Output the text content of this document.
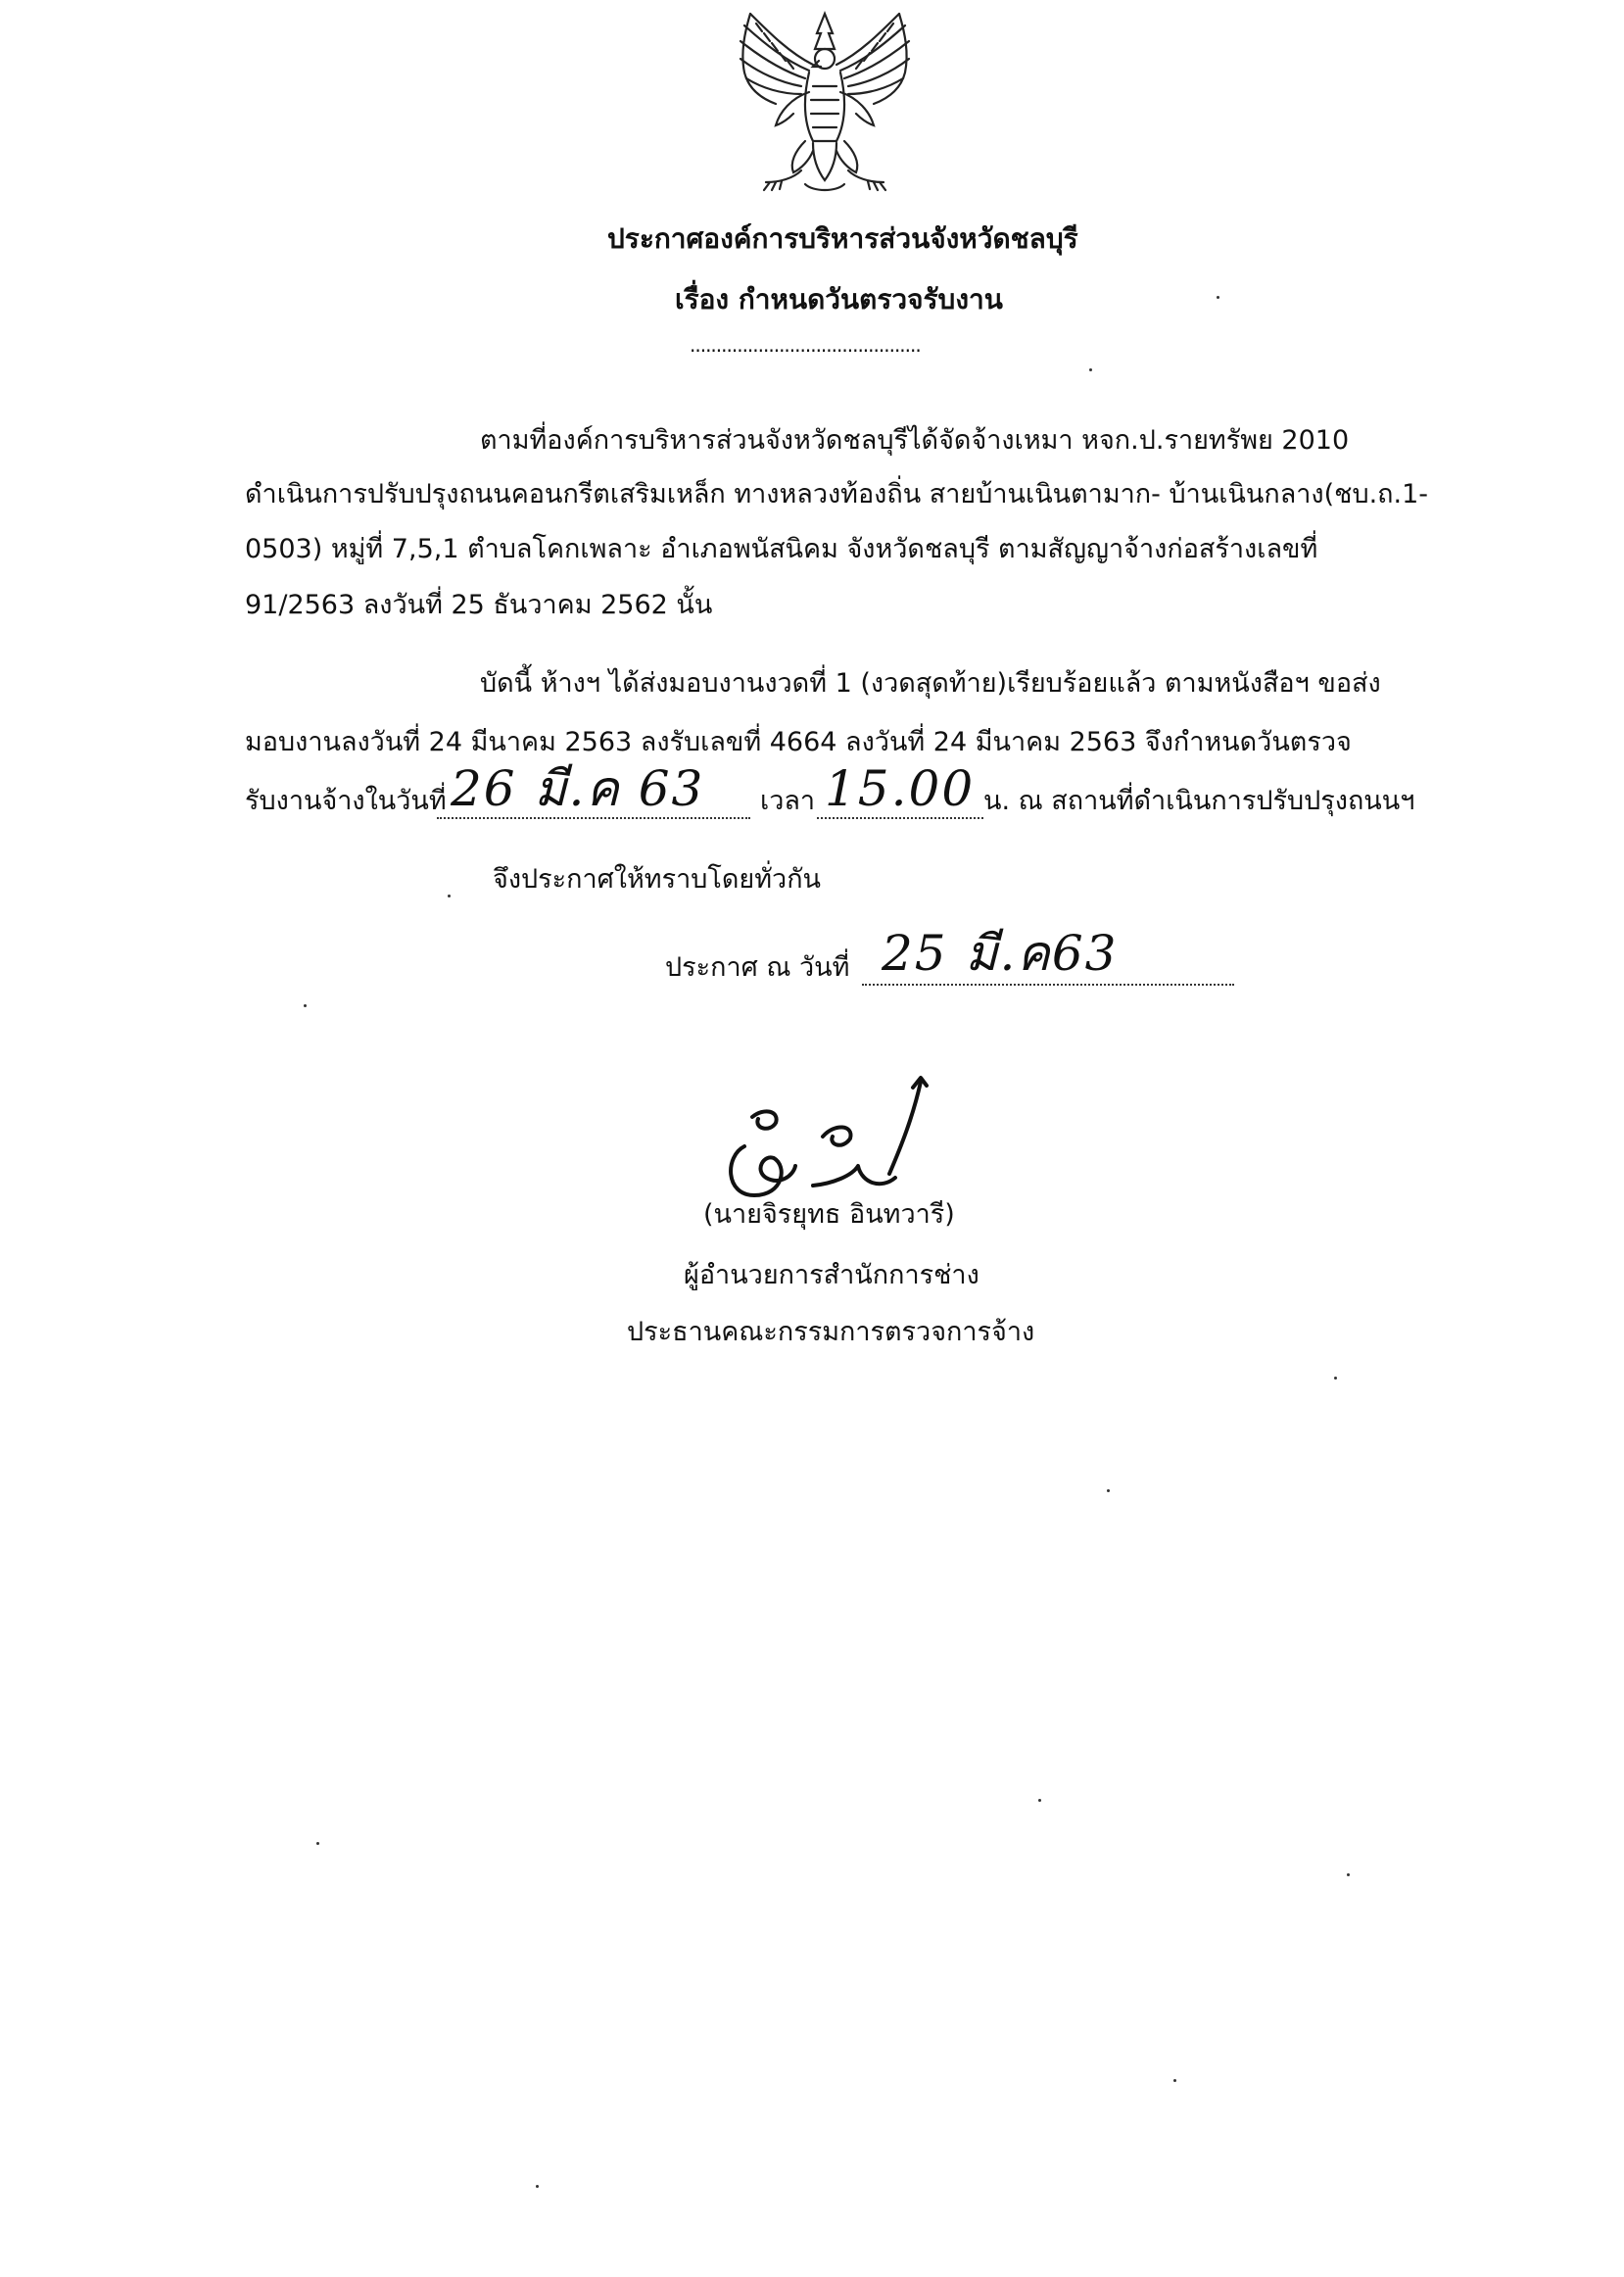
ประกาศองค์การบริหารส่วนจังหวัดชลบุรี
เรื่อง กำหนดวันตรวจรับงาน
............................................
ตามที่องค์การบริหารส่วนจังหวัดชลบุรีได้จัดจ้างเหมา หจก.ป.รายทรัพย 2010
ดำเนินการปรับปรุงถนนคอนกรีตเสริมเหล็ก ทางหลวงท้องถิ่น สายบ้านเนินตามาก- บ้านเนินกลาง(ชบ.ถ.1-
0503) หมู่ที่ 7,5,1 ตำบลโคกเพลาะ อำเภอพนัสนิคม จังหวัดชลบุรี ตามสัญญาจ้างก่อสร้างเลขที่
91/2563 ลงวันที่ 25 ธันวาคม 2562 นั้น
บัดนี้ ห้างฯ ได้ส่งมอบงานงวดที่ 1 (งวดสุดท้าย)เรียบร้อยแล้ว ตามหนังสือฯ ขอส่ง
มอบงานลงวันที่ 24 มีนาคม 2563 ลงรับเลขที่ 4664 ลงวันที่ 24 มีนาคม 2563 จึงกำหนดวันตรวจ
รับงานจ้างในวันที่ 26 มี.ค 63 เวลา 15.00 น. ณ สถานที่ดำเนินการปรับปรุงถนนฯ
จึงประกาศให้ทราบโดยทั่วกัน
ประกาศ ณ วันที่ 25 มี.ค63
(นายจิรยุทธ อินทวารี)
ผู้อำนวยการสำนักการช่าง
ประธานคณะกรรมการตรวจการจ้าง
